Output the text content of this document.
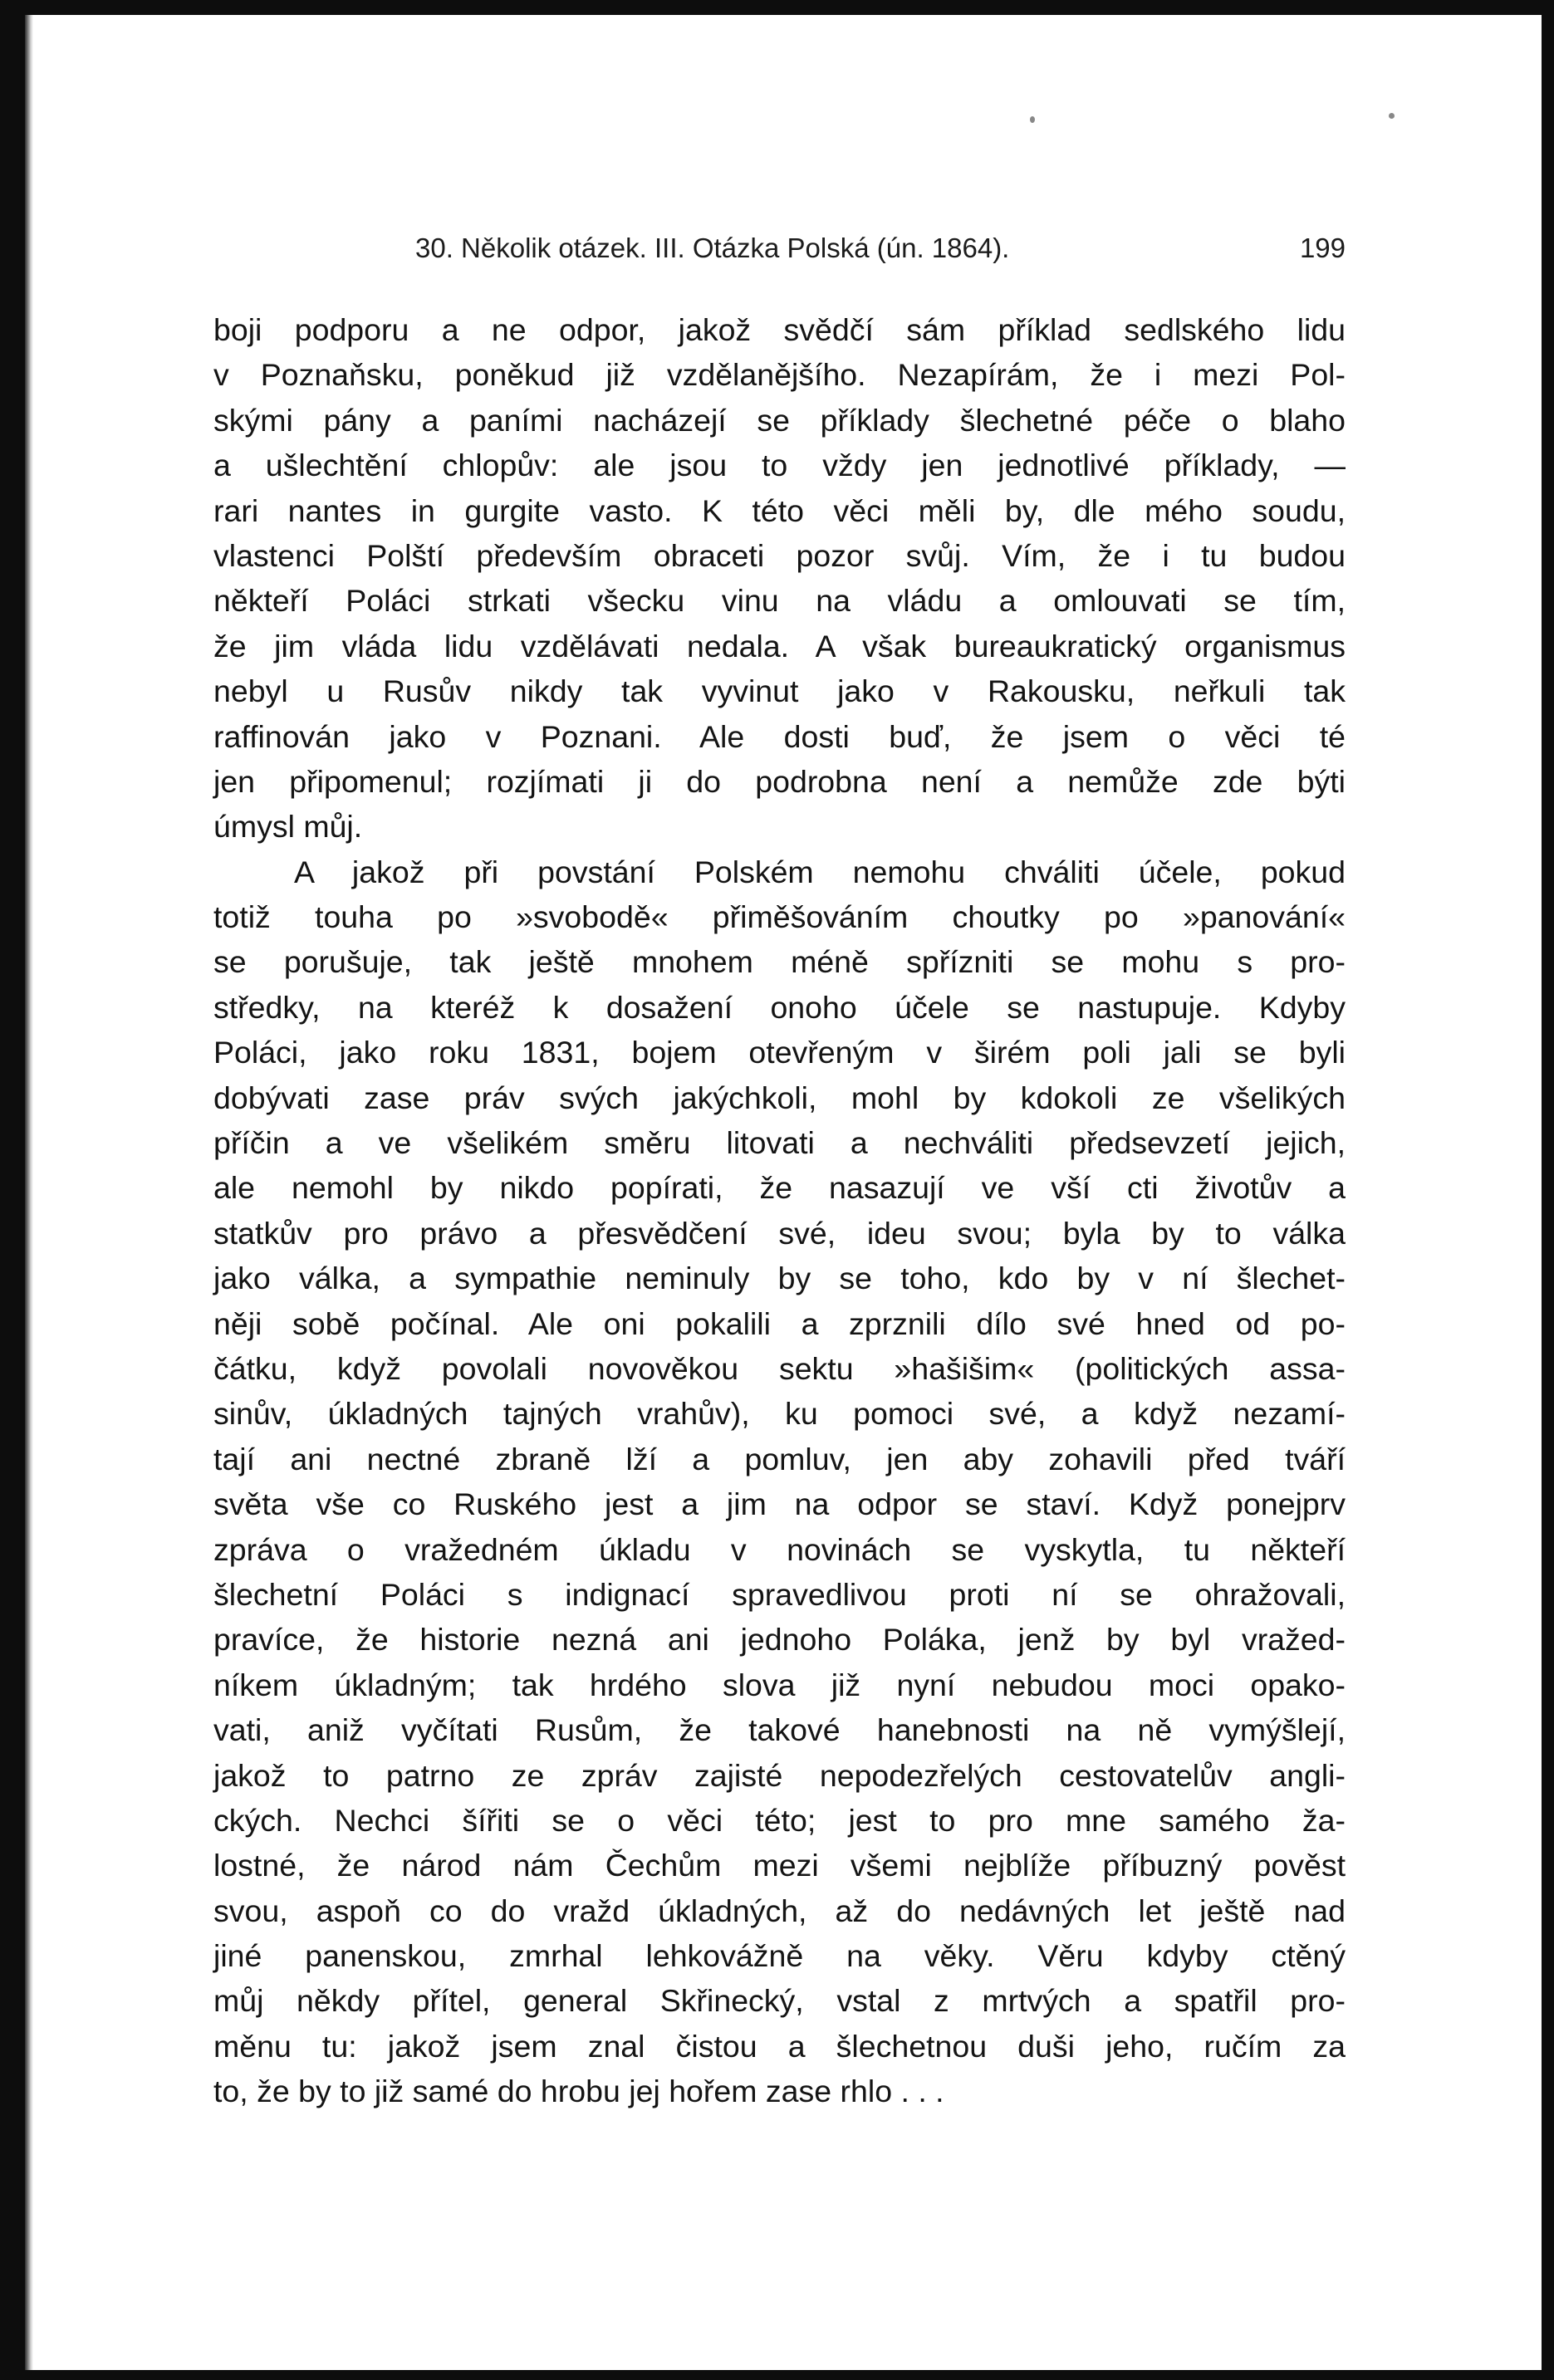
30. Několik otázek. III. Otázka Polská (ún. 1864).	199
boji podporu a ne odpor, jakož svědčí sám příklad sedlského lidu
v Poznaňsku, poněkud již vzdělanějšího. Nezapírám, že i mezi Pol-
skými pány a paními nacházejí se příklady šlechetné péče o blaho
a ušlechtění chlopův: ale jsou to vždy jen jednotlivé příklady, —
rari nantes in gurgite vasto. K této věci měli by, dle mého soudu,
vlastenci Polští především obraceti pozor svůj. Vím, že i tu budou
někteří Poláci strkati všecku vinu na vládu a omlouvati se tím,
že jim vláda lidu vzdělávati nedala. A však bureaukratický organismus
nebyl u Rusův nikdy tak vyvinut jako v Rakousku, neřkuli tak
raffinován jako v Poznani. Ale dosti buď, že jsem o věci té
jen připomenul; rozjímati ji do podrobna není a nemůže zde býti
úmysl můj.
A jakož při povstání Polském nemohu chváliti účele, pokud
totiž touha po »svobodě« přiměšováním choutky po »panování«
se porušuje, tak ještě mnohem méně spřízniti se mohu s pro-
středky, na kteréž k dosažení onoho účele se nastupuje. Kdyby
Poláci, jako roku 1831, bojem otevřeným v širém poli jali se byli
dobývati zase práv svých jakýchkoli, mohl by kdokoli ze všelikých
příčin a ve všelikém směru litovati a nechváliti předsevzetí jejich,
ale nemohl by nikdo popírati, že nasazují ve vší cti životův a
statkův pro právo a přesvědčení své, ideu svou; byla by to válka
jako válka, a sympathie neminuly by se toho, kdo by v ní šlechet-
něji sobě počínal. Ale oni pokalili a zprznili dílo své hned od po-
čátku, když povolali novověkou sektu »hašišim« (politických assa-
sinův, úkladných tajných vrahův), ku pomoci své, a když nezamí-
tají ani nectné zbraně lží a pomluv, jen aby zohavili před tváří
světa vše co Ruského jest a jim na odpor se staví. Když ponejprv
zpráva o vražedném úkladu v novinách se vyskytla, tu někteří
šlechetní Poláci s indignací spravedlivou proti ní se ohražovali,
pravíce, že historie nezná ani jednoho Poláka, jenž by byl vražed-
níkem úkladným; tak hrdého slova již nyní nebudou moci opako-
vati, aniž vyčítati Rusům, že takové hanebnosti na ně vymýšlejí,
jakož to patrno ze zpráv zajisté nepodezřelých cestovatelův angli-
ckých. Nechci šířiti se o věci této; jest to pro mne samého ža-
lostné, že národ nám Čechům mezi všemi nejblíže příbuzný pověst
svou, aspoň co do vražd úkladných, až do nedávných let ještě nad
jiné panenskou, zmrhal lehkovážně na věky. Věru kdyby ctěný
můj někdy přítel, general Skřinecký, vstal z mrtvých a spatřil pro-
měnu tu: jakož jsem znal čistou a šlechetnou duši jeho, ručím za
to, že by to již samé do hrobu jej hořem zase rhlo . . .
